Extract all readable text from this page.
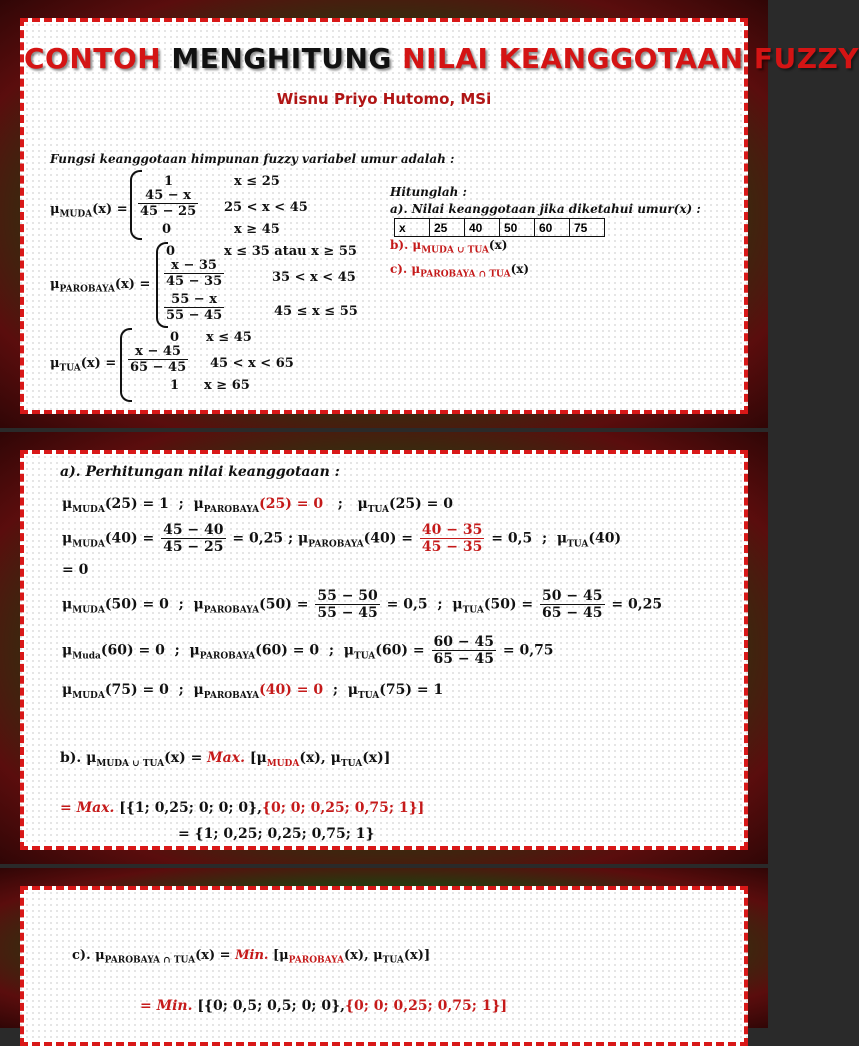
CONTOH MENGHITUNG NILAI KEANGGOTAAN FUZZY
Wisnu Priyo Hutomo, MSi
Fungsi keanggotaan himpunan fuzzy variabel umur adalah :
$\mu_{MUDA}(x)$ =
1	x ≤ 25
$\frac{45 - x}{45 - 25} 25 < x < 45$
0	x ≥ 45
$\mu_{PAROBAYA}(x)$ =
0	x ≤ 35 atau x ≥ 55
$\frac{x - 35}{45 - 35}$	35 < x < 45
$\frac{55 - x}{55 - 45}$	45 ≤ x ≤ 55
$\mu_{TUA}(x)$ =
0 x ≤ 45
$\frac{x - 45}{65 - 45} 45 < x < 65$
1 x ≥ 65
Hitunglah :
a). Nilai keanggotaan jika diketahui umur(x) :
x	25	40	50	60	75
b). $\mu_{MUDA \cup TUA}(x)$
c). $\mu_{PAROBAYA \cap TUA}(x)$
a). Perhitungan nilai keanggotaan :
$\mu_{MUDA}(25) = 1$ ; $\mu_{PAROBAYA}(25) = 0$ ; $\mu_{TUA}(25) = 0$
$\mu_{MUDA}(40) = \frac{45 - 40}{45 - 25} = 0,25$ ; $\mu_{PAROBAYA}(40) = \frac{40 - 35}{45 - 35} = 0,5$ ; $\mu_{TUA}(40)$
= 0
$\mu_{MUDA}(50) = 0$ ; $\mu_{PAROBAYA}(50) = \frac{55 - 50}{55 - 45} = 0,5$ ; $\mu_{TUA}(50) = \frac{50 - 45}{65 - 45} = 0,25$
$\mu_{Muda}(60) = 0$ ; $\mu_{PAROBAYA}(60) = 0$ ; $\mu_{TUA}(60) = \frac{60 - 45}{65 - 45} = 0,75$
$\mu_{MUDA}(75) = 0$ ; $\mu_{PAROBAYA}(40) = 0$ ; $\mu_{TUA}(75) = 1$
b). $\mu_{MUDA \cup TUA}(x)$ = Max. [$\mu_{MUDA}(x)$, $\mu_{TUA}(x)$]
= Max. [{1; 0,25; 0; 0; 0},{0; 0; 0,25; 0,75; 1}]
= {1; 0,25; 0,25; 0,75; 1}
c). $\mu_{PAROBAYA \cap TUA}(x)$ = Min. [$\mu_{PAROBAYA}(x)$, $\mu_{TUA}(x)$]
= Min. [{0; 0,5; 0,5; 0; 0},{0; 0; 0,25; 0,75; 1}]
